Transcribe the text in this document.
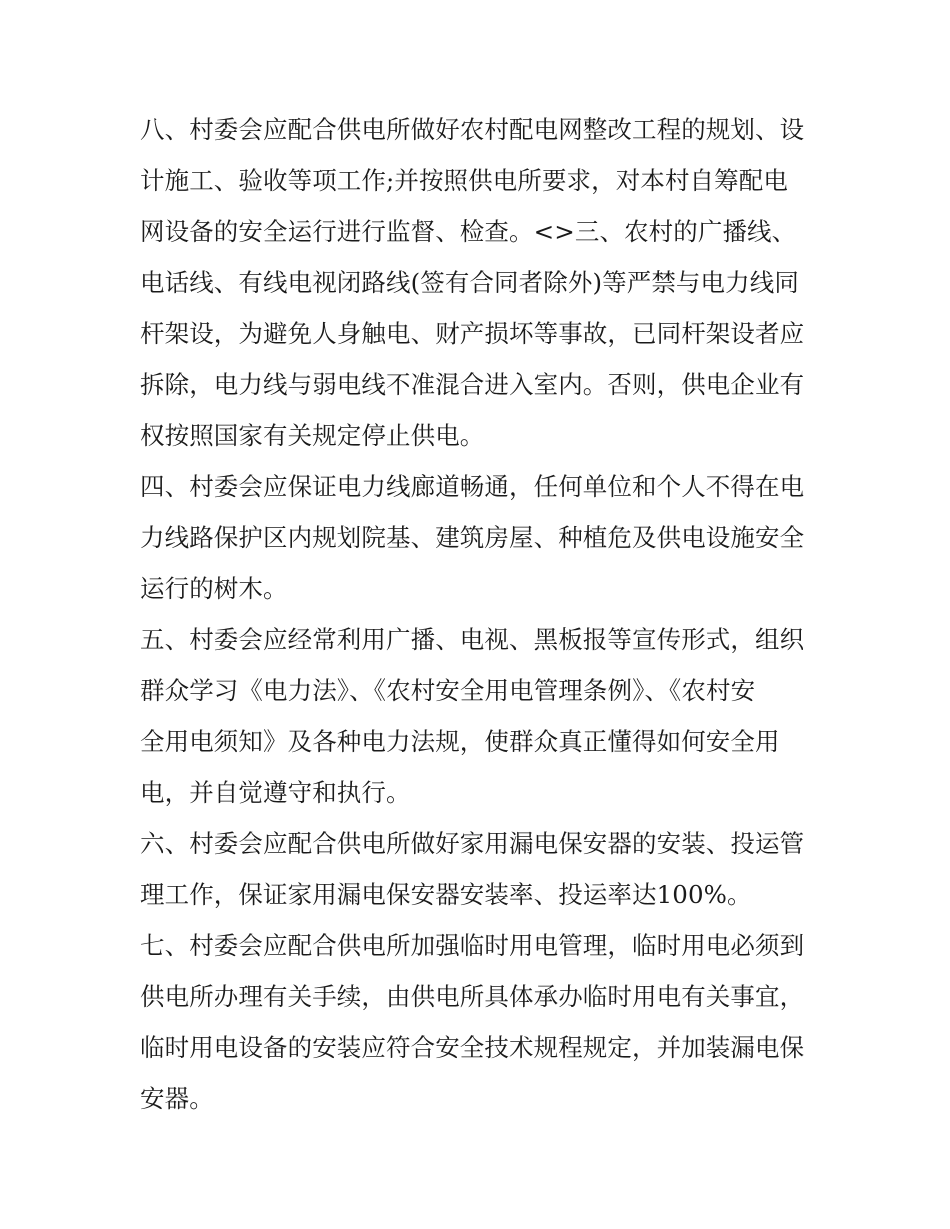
八、村委会应配合供电所做好农村配电网整改工程的规划、设
计施工、验收等项工作;并按照供电所要求，对本村自筹配电
网设备的安全运行进行监督、检查。<>三、农村的广播线、
电话线、有线电视闭路线(签有合同者除外)等严禁与电力线同
杆架设，为避免人身触电、财产损坏等事故，已同杆架设者应
拆除，电力线与弱电线不准混合进入室内。否则，供电企业有
权按照国家有关规定停止供电。

四、村委会应保证电力线廊道畅通，任何单位和个人不得在电
力线路保护区内规划院基、建筑房屋、种植危及供电设施安全
运行的树木。

五、村委会应经常利用广播、电视、黑板报等宣传形式，组织
群众学习《电力法》、《农村安全用电管理条例》、《农村安
全用电须知》及各种电力法规，使群众真正懂得如何安全用
电，并自觉遵守和执行。

六、村委会应配合供电所做好家用漏电保安器的安装、投运管
理工作，保证家用漏电保安器安装率、投运率达100%。

七、村委会应配合供电所加强临时用电管理，临时用电必须到
供电所办理有关手续，由供电所具体承办临时用电有关事宜，
临时用电设备的安装应符合安全技术规程规定，并加装漏电保
安器。
